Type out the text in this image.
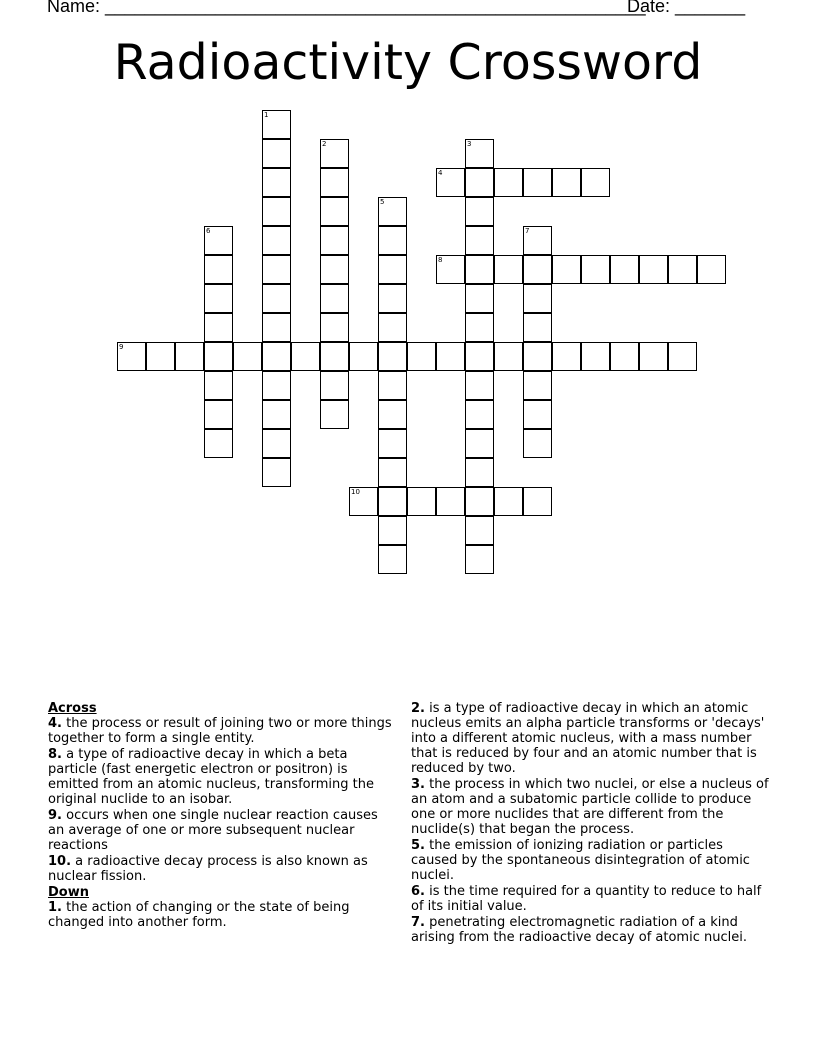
Name: ______________________________________________________
Date: _______
Radioactivity Crossword
1
2	3
4
5
6	7
8
9
10
Across
4. the process or result of joining two or more things together to form a single entity.
8. a type of radioactive decay in which a beta particle (fast energetic electron or positron) is emitted from an atomic nucleus, transforming the original nuclide to an isobar.
9. occurs when one single nuclear reaction causes an average of one or more subsequent nuclear reactions
10. a radioactive decay process is also known as nuclear fission.
Down
1. the action of changing or the state of being changed into another form.
2. is a type of radioactive decay in which an atomic nucleus emits an alpha particle transforms or 'decays' into a different atomic nucleus, with a mass number that is reduced by four and an atomic number that is reduced by two.
3. the process in which two nuclei, or else a nucleus of an atom and a subatomic particle collide to produce one or more nuclides that are different from the nuclide(s) that began the process.
5. the emission of ionizing radiation or particles caused by the spontaneous disintegration of atomic nuclei.
6. is the time required for a quantity to reduce to half of its initial value.
7. penetrating electromagnetic radiation of a kind arising from the radioactive decay of atomic nuclei.
